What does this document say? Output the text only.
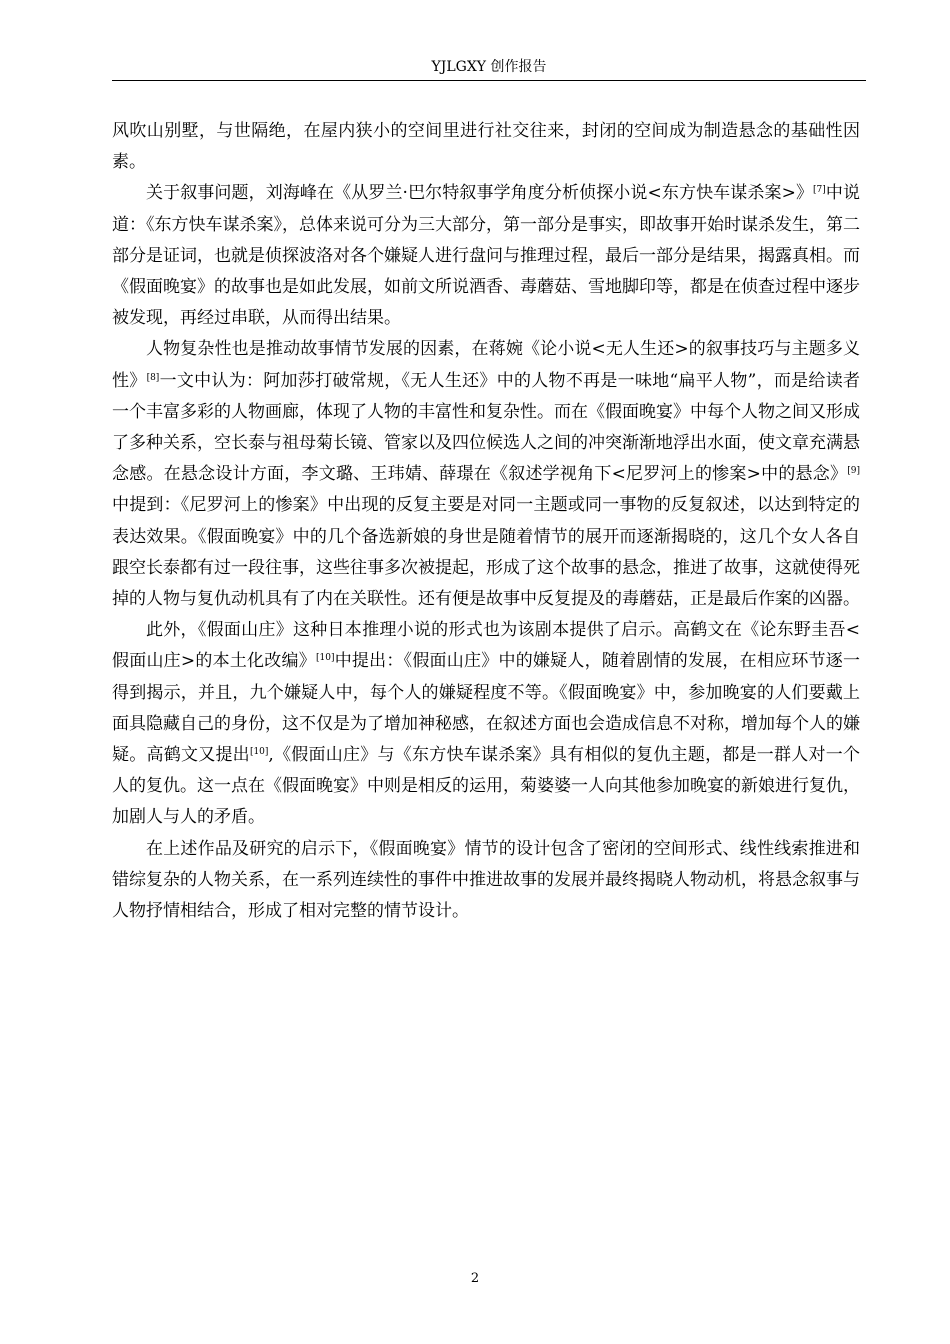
YJLGXY 创作报告

风吹山别墅，与世隔绝，在屋内狭小的空间里进行社交往来，封闭的空间成为制造悬念的基础性因素。

关于叙事问题，刘海峰在《从罗兰·巴尔特叙事学角度分析侦探小说<东方快车谋杀案>》[7]中说道：《东方快车谋杀案》，总体来说可分为三大部分，第一部分是事实，即故事开始时谋杀发生，第二部分是证词，也就是侦探波洛对各个嫌疑人进行盘问与推理过程，最后一部分是结果，揭露真相。而《假面晚宴》的故事也是如此发展，如前文所说酒香、毒蘑菇、雪地脚印等，都是在侦查过程中逐步被发现，再经过串联，从而得出结果。

人物复杂性也是推动故事情节发展的因素，在蒋婉《论小说<无人生还>的叙事技巧与主题多义性》[8]一文中认为：阿加莎打破常规，《无人生还》中的人物不再是一味地“扁平人物”，而是给读者一个丰富多彩的人物画廊，体现了人物的丰富性和复杂性。而在《假面晚宴》中每个人物之间又形成了多种关系，空长泰与祖母菊长镜、管家以及四位候选人之间的冲突渐渐地浮出水面，使文章充满悬念感。在悬念设计方面，李文璐、王玮婧、薛璟在《叙述学视角下<尼罗河上的惨案>中的悬念》[9]中提到：《尼罗河上的惨案》中出现的反复主要是对同一主题或同一事物的反复叙述，以达到特定的表达效果。《假面晚宴》中的几个备选新娘的身世是随着情节的展开而逐渐揭晓的，这几个女人各自跟空长泰都有过一段往事，这些往事多次被提起，形成了这个故事的悬念，推进了故事，这就使得死掉的人物与复仇动机具有了内在关联性。还有便是故事中反复提及的毒蘑菇，正是最后作案的凶器。

此外，《假面山庄》这种日本推理小说的形式也为该剧本提供了启示。高鹤文在《论东野圭吾<假面山庄>的本土化改编》[10]中提出：《假面山庄》中的嫌疑人，随着剧情的发展，在相应环节逐一得到揭示，并且，九个嫌疑人中，每个人的嫌疑程度不等。《假面晚宴》中，参加晚宴的人们要戴上面具隐藏自己的身份，这不仅是为了增加神秘感，在叙述方面也会造成信息不对称，增加每个人的嫌疑。高鹤文又提出[10],《假面山庄》与《东方快车谋杀案》具有相似的复仇主题，都是一群人对一个人的复仇。这一点在《假面晚宴》中则是相反的运用，菊婆婆一人向其他参加晚宴的新娘进行复仇，加剧人与人的矛盾。

在上述作品及研究的启示下，《假面晚宴》情节的设计包含了密闭的空间形式、线性线索推进和错综复杂的人物关系，在一系列连续性的事件中推进故事的发展并最终揭晓人物动机，将悬念叙事与人物抒情相结合，形成了相对完整的情节设计。

2
